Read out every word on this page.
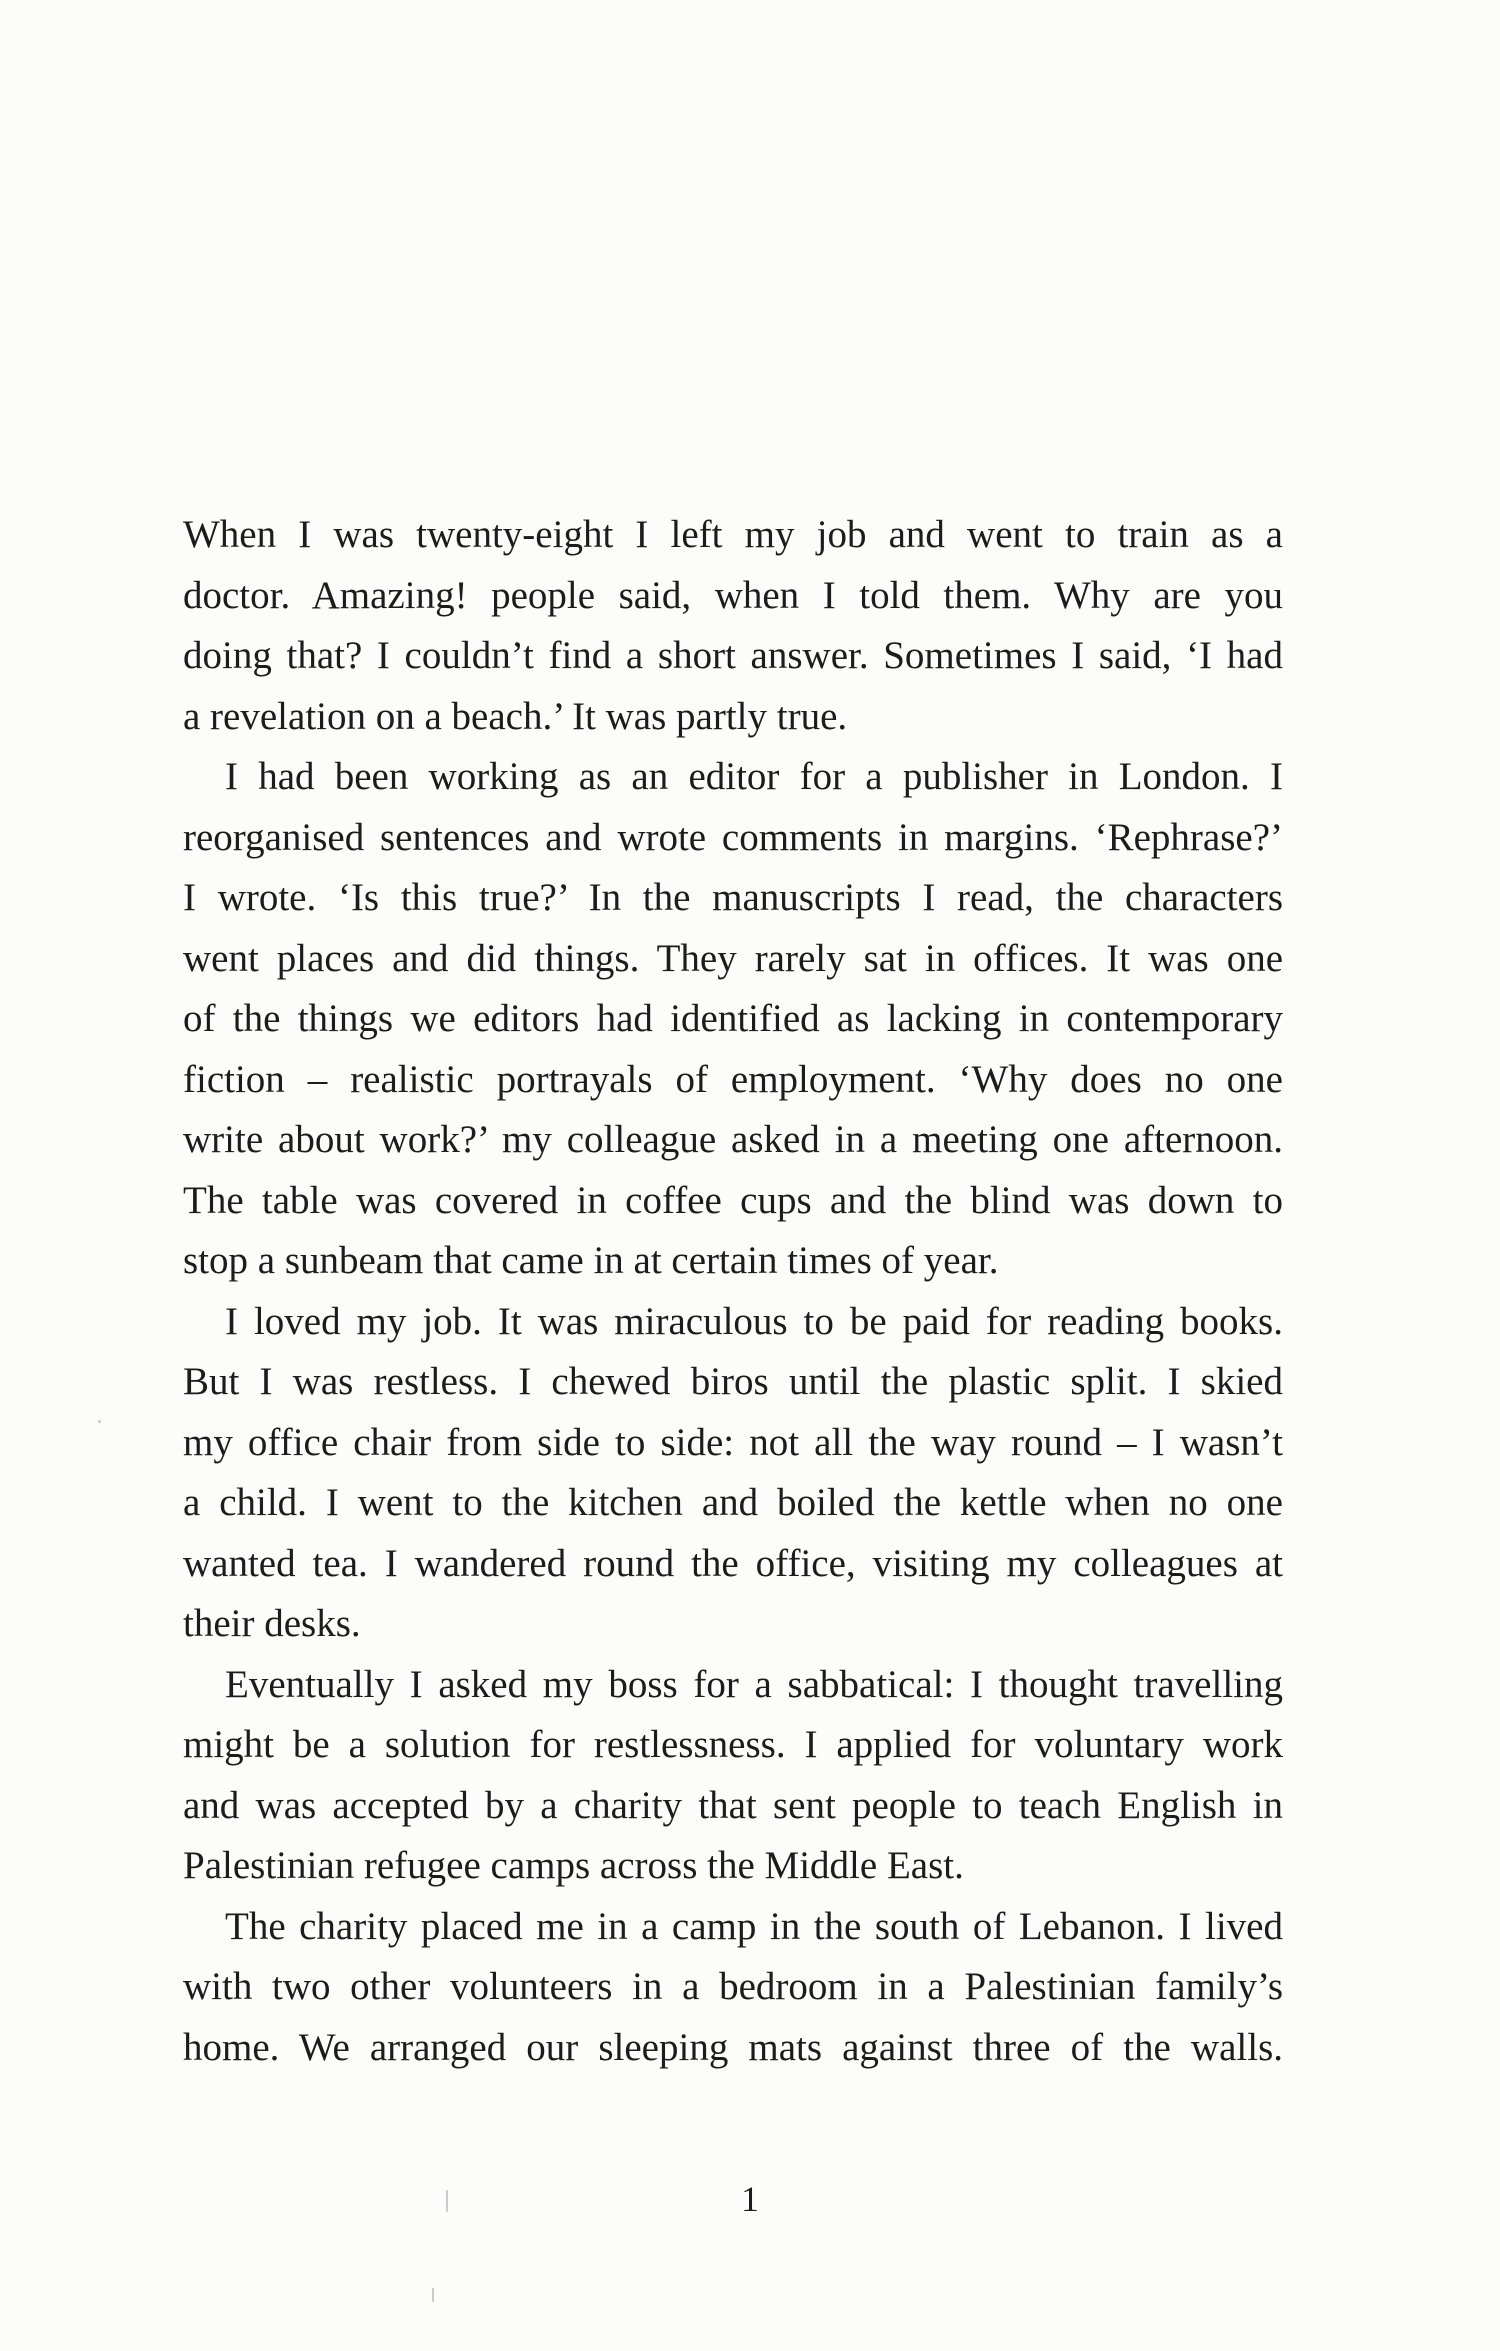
When I was twenty-eight I left my job and went to train as a
doctor. Amazing! people said, when I told them. Why are you
doing that? I couldn’t find a short answer. Sometimes I said, ‘I had
a revelation on a beach.’ It was partly true.
I had been working as an editor for a publisher in London. I
reorganised sentences and wrote comments in margins. ‘Rephrase?’
I wrote. ‘Is this true?’ In the manuscripts I read, the characters
went places and did things. They rarely sat in offices. It was one
of the things we editors had identified as lacking in contemporary
fiction – realistic portrayals of employment. ‘Why does no one
write about work?’ my colleague asked in a meeting one afternoon.
The table was covered in coffee cups and the blind was down to
stop a sunbeam that came in at certain times of year.
I loved my job. It was miraculous to be paid for reading books.
But I was restless. I chewed biros until the plastic split. I skied
my office chair from side to side: not all the way round – I wasn’t
a child. I went to the kitchen and boiled the kettle when no one
wanted tea. I wandered round the office, visiting my colleagues at
their desks.
Eventually I asked my boss for a sabbatical: I thought travelling
might be a solution for restlessness. I applied for voluntary work
and was accepted by a charity that sent people to teach English in
Palestinian refugee camps across the Middle East.
The charity placed me in a camp in the south of Lebanon. I lived
with two other volunteers in a bedroom in a Palestinian family’s
home. We arranged our sleeping mats against three of the walls.
1
